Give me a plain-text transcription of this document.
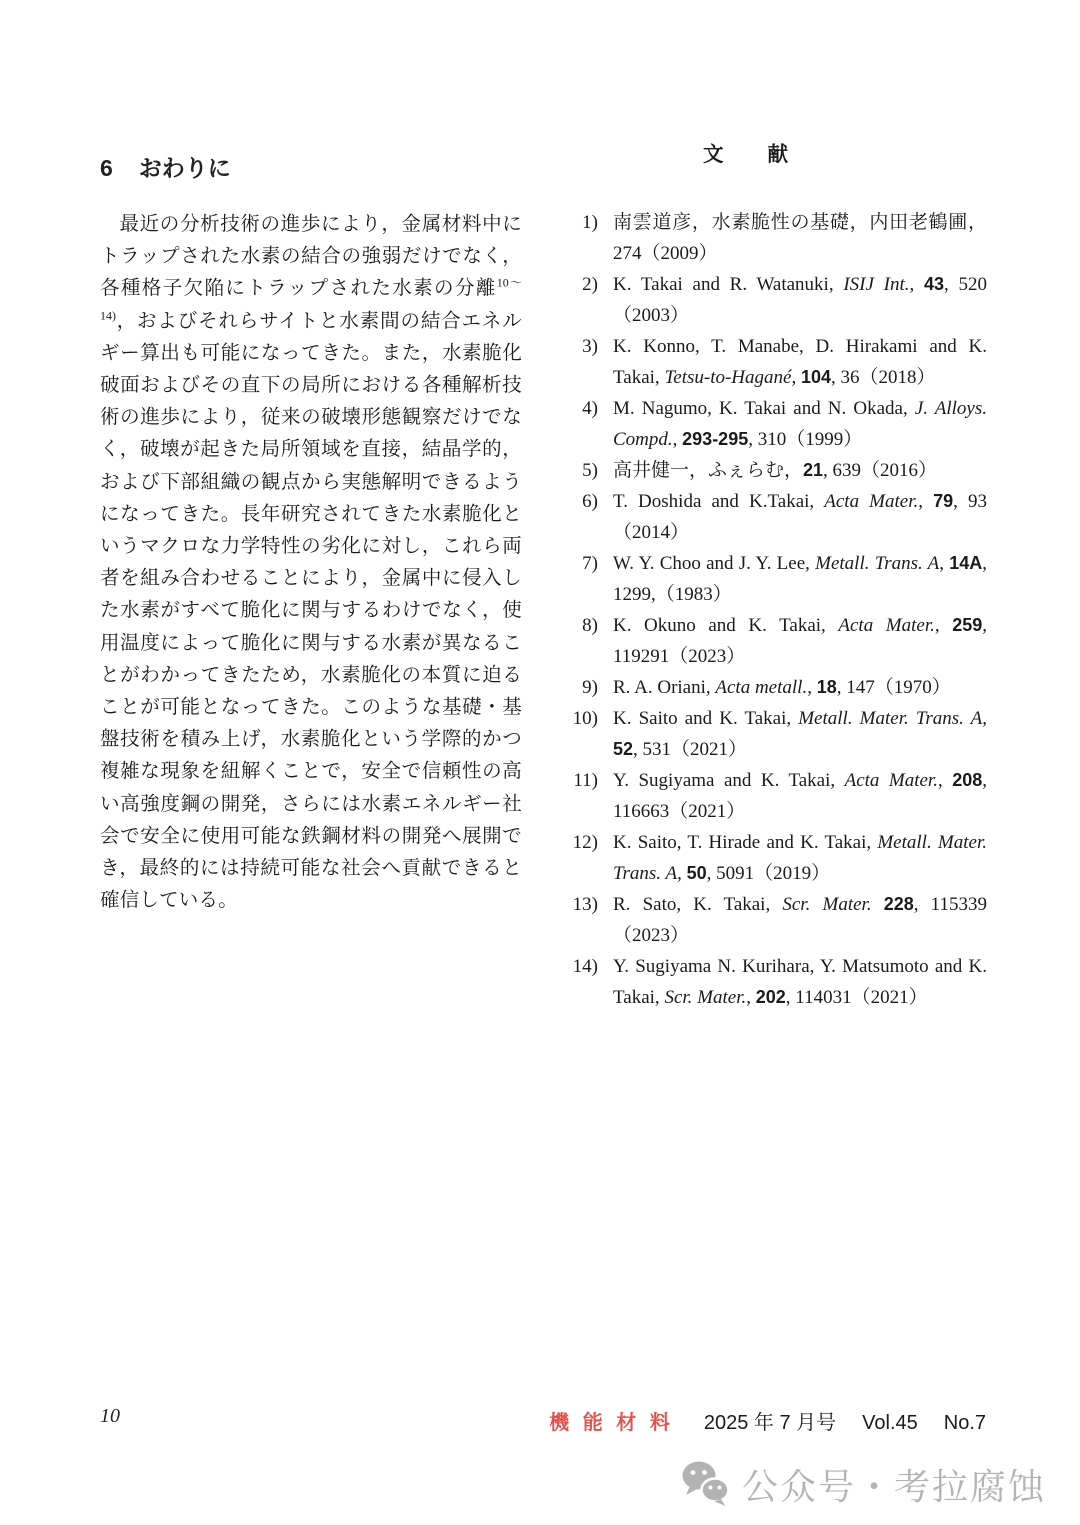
6 おわりに

最近の分析技術の進歩により，金属材料中にトラップされた水素の結合の強弱だけでなく，各種格子欠陥にトラップされた水素の分離$^{10\sim 14)}$，およびそれらサイトと水素間の結合エネルギー算出も可能になってきた。また，水素脆化破面およびその直下の局所における各種解析技術の進歩により，従来の破壊形態観察だけでなく，破壊が起きた局所領域を直接，結晶学的，および下部組織の観点から実態解明できるようになってきた。長年研究されてきた水素脆化というマクロな力学特性の劣化に対し，これら両者を組み合わせることにより，金属中に侵入した水素がすべて脆化に関与するわけでなく，使用温度によって脆化に関与する水素が異なることがわかってきたため，水素脆化の本質に迫ることが可能となってきた。このような基礎・基盤技術を積み上げ，水素脆化という学際的かつ複雑な現象を紐解くことで，安全で信頼性の高い高強度鋼の開発，さらには水素エネルギー社会で安全に使用可能な鉄鋼材料の開発へ展開でき，最終的には持続可能な社会へ貢献できると確信している。

文　　献
1) 南雲道彦，水素脆性の基礎，内田老鶴圃，274（2009）
2) K. Takai and R. Watanuki, ISIJ Int., 43, 520（2003）
3) K. Konno, T. Manabe, D. Hirakami and K. Takai, Tetsu-to-Hagané, 104, 36（2018）
4) M. Nagumo, K. Takai and N. Okada, J. Alloys. Compd., 293-295, 310（1999）
5) 高井健一，ふぇらむ，21, 639（2016）
6) T. Doshida and K.Takai, Acta Mater., 79, 93（2014）
7) W. Y. Choo and J. Y. Lee, Metall. Trans. A, 14A, 1299,（1983）
8) K. Okuno and K. Takai, Acta Mater., 259, 119291（2023）
9) R. A. Oriani, Acta metall., 18, 147（1970）
10) K. Saito and K. Takai, Metall. Mater. Trans. A, 52, 531（2021）
11) Y. Sugiyama and K. Takai, Acta Mater., 208, 116663（2021）
12) K. Saito, T. Hirade and K. Takai, Metall. Mater. Trans. A, 50, 5091（2019）
13) R. Sato, K. Takai, Scr. Mater. 228, 115339（2023）
14) Y. Sugiyama N. Kurihara, Y. Matsumoto and K. Takai, Scr. Mater., 202, 114031（2021）
10	機 能 材 料 2025 年 7 月号 Vol.45 No.7
公众号・考拉腐蚀
